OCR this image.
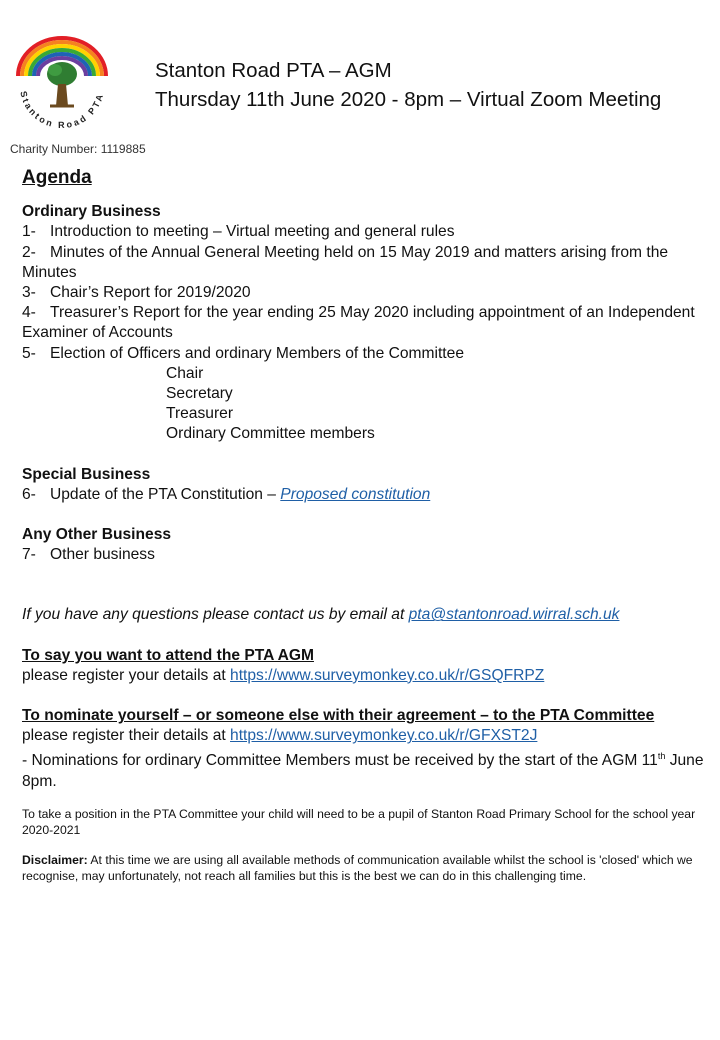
Stanton Road PTA
Stanton Road PTA – AGM
Thursday 11th June 2020 - 8pm – Virtual Zoom Meeting
Charity Number: 1119885
Agenda
Ordinary Business
1- Introduction to meeting – Virtual meeting and general rules
2- Minutes of the Annual General Meeting held on 15 May 2019 and matters arising from the Minutes
3- Chair’s Report for 2019/2020
4- Treasurer’s Report for the year ending 25 May 2020 including appointment of an Independent Examiner of Accounts
5- Election of Officers and ordinary Members of the Committee
Chair
Secretary
Treasurer
Ordinary Committee members
Special Business
6- Update of the PTA Constitution – Proposed constitution
Any Other Business
7- Other business
If you have any questions please contact us by email at pta@stantonroad.wirral.sch.uk
To say you want to attend the PTA AGM
please register your details at https://www.surveymonkey.co.uk/r/GSQFRPZ
To nominate yourself – or someone else with their agreement – to the PTA Committee
please register their details at https://www.surveymonkey.co.uk/r/GFXST2J
- Nominations for ordinary Committee Members must be received by the start of the AGM 11th June 8pm.
To take a position in the PTA Committee your child will need to be a pupil of Stanton Road Primary School for the school year 2020-2021
Disclaimer: At this time we are using all available methods of communication available whilst the school is 'closed' which we recognise, may unfortunately, not reach all families but this is the best we can do in this challenging time.
